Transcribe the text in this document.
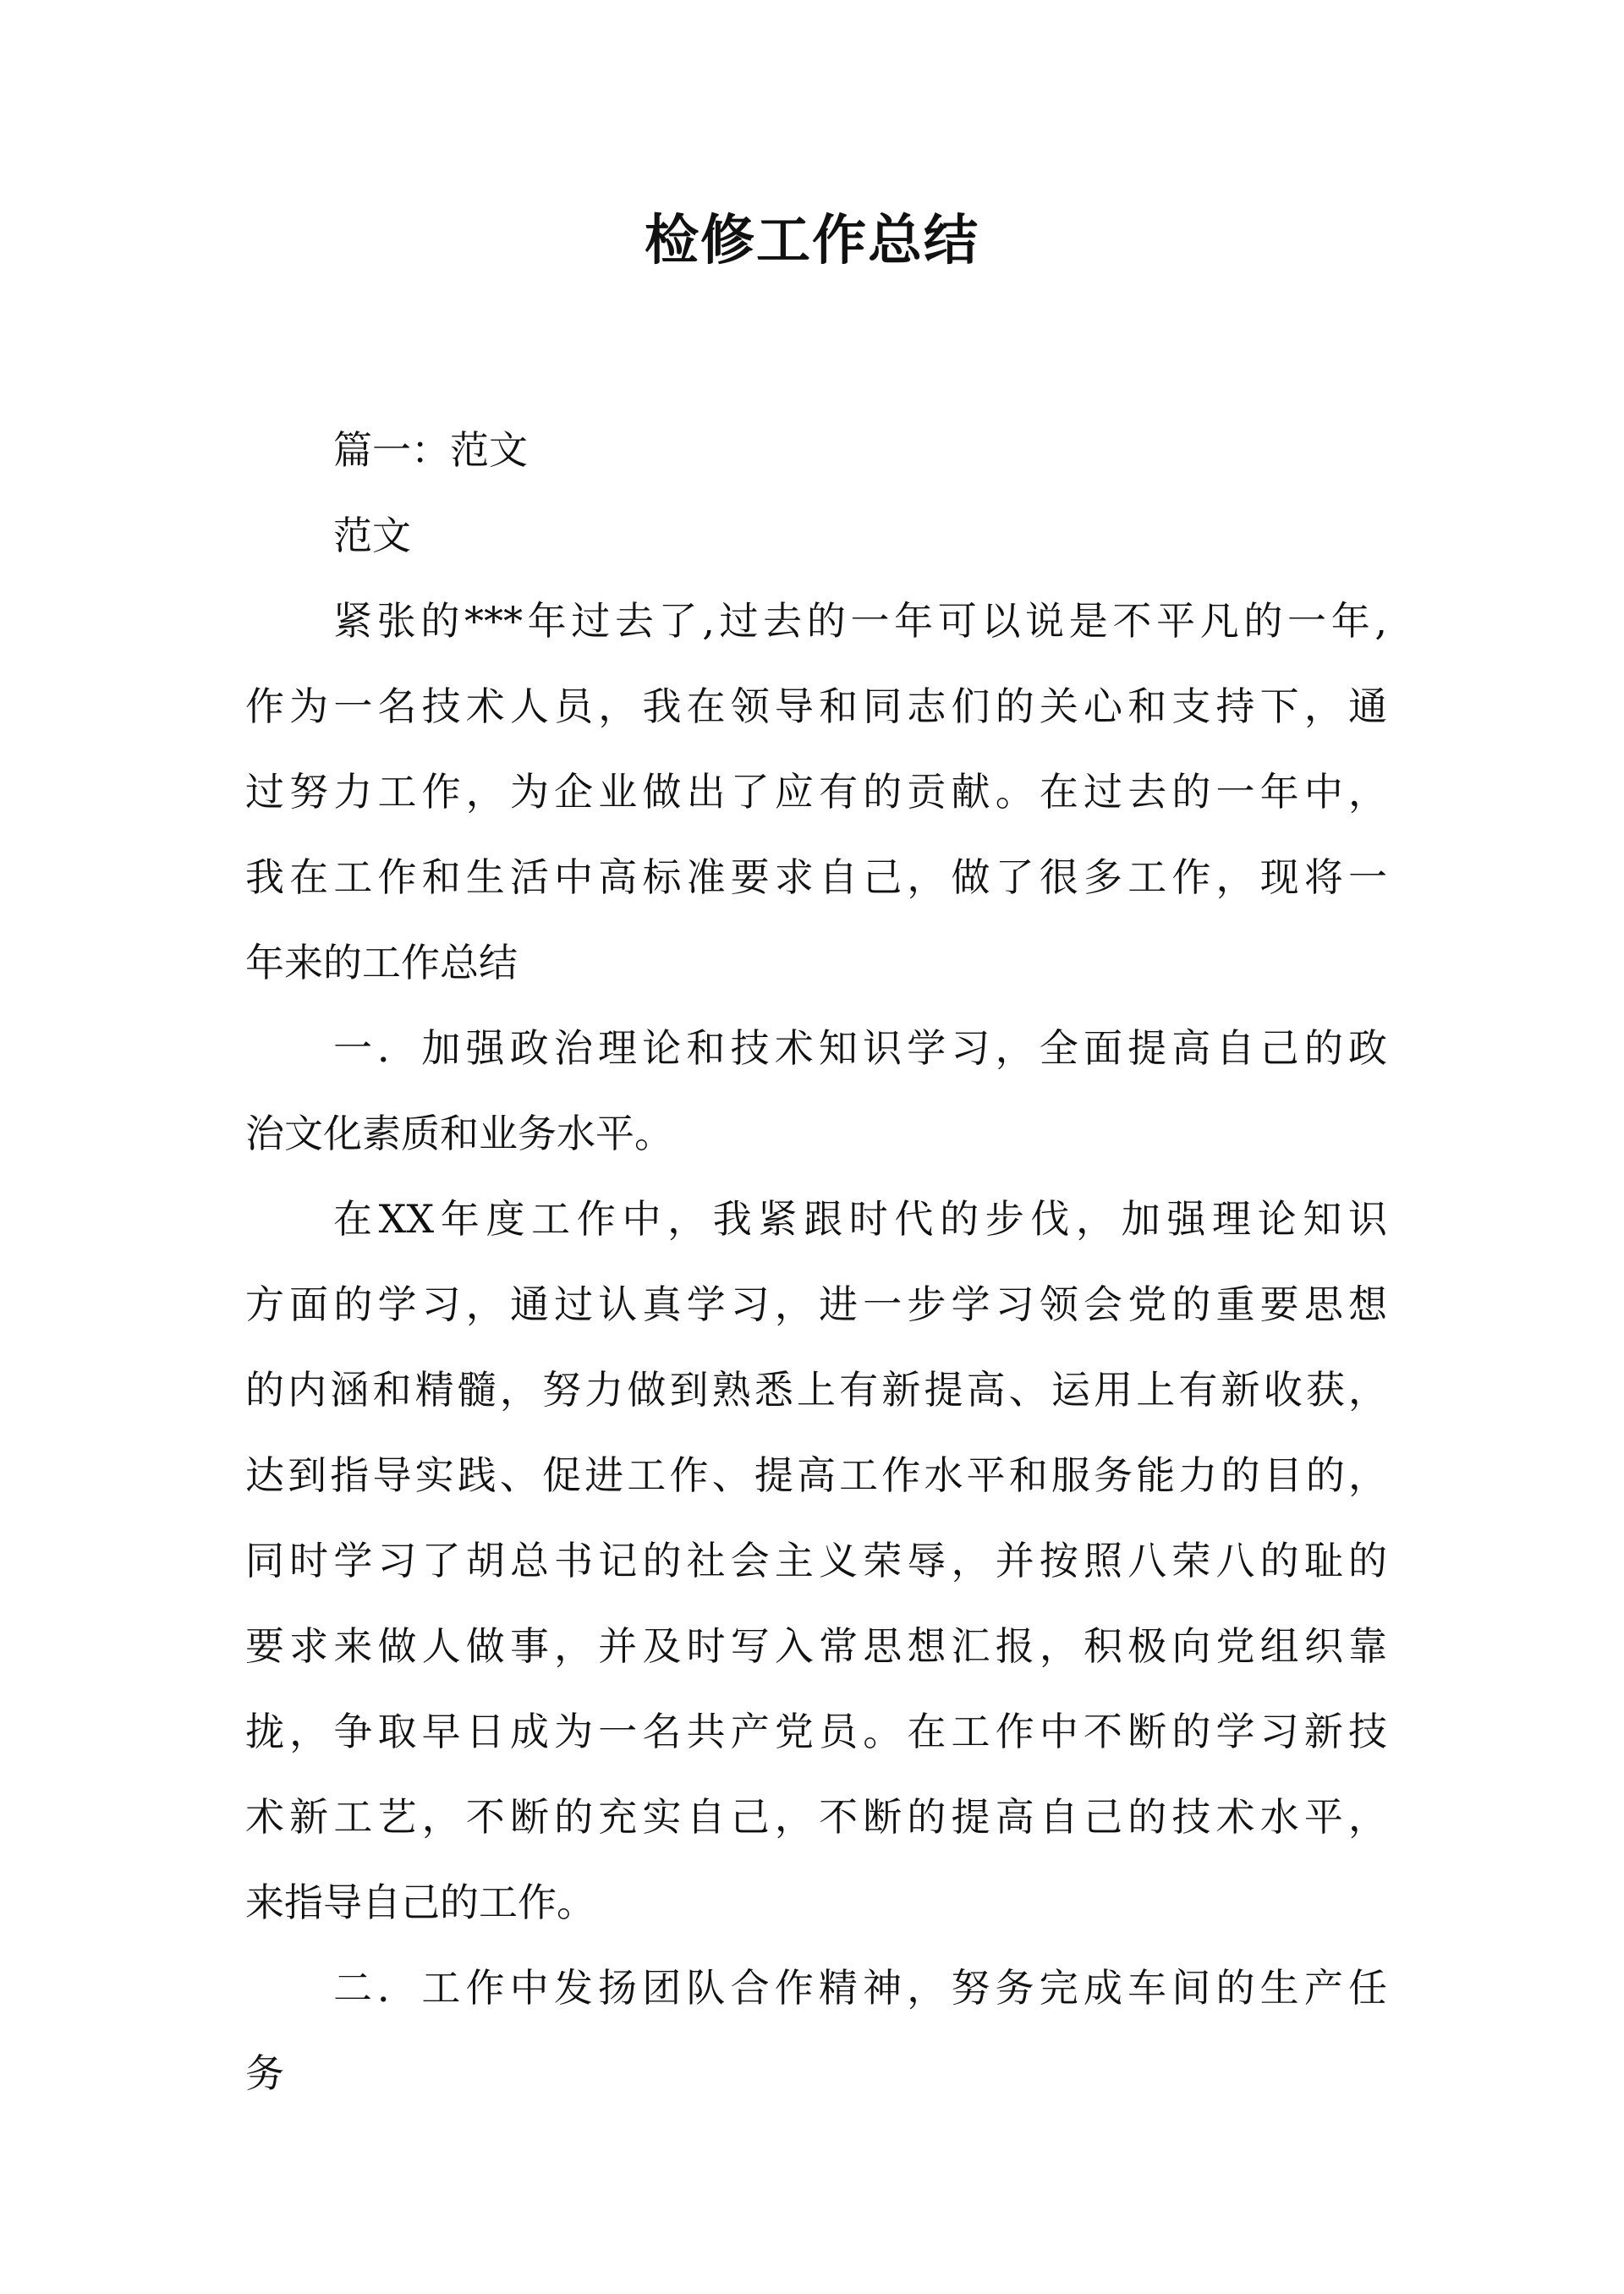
检修工作总结
篇一：范文
范文
紧张的***年过去了,过去的一年可以说是不平凡的一年,
作为一名技术人员，我在领导和同志们的关心和支持下，通
过努力工作，为企业做出了应有的贡献。在过去的一年中，
我在工作和生活中高标准要求自己，做了很多工作，现将一
年来的工作总结
一．加强政治理论和技术知识学习，全面提高自己的政
治文化素质和业务水平。
在XX年度工作中，我紧跟时代的步伐，加强理论知识
方面的学习，通过认真学习，进一步学习领会党的重要思想
的内涵和精髓，努力做到熟悉上有新提高、运用上有新收获，
达到指导实践、促进工作、提高工作水平和服务能力的目的，
同时学习了胡总书记的社会主义荣辱，并按照八荣八的耻的
要求来做人做事，并及时写入常思想汇报，积极向党组织靠
拢，争取早日成为一名共产党员。在工作中不断的学习新技
术新工艺，不断的充实自己，不断的提高自己的技术水平，
来指导自己的工作。
二．工作中发扬团队合作精神，努务完成车间的生产任
务
